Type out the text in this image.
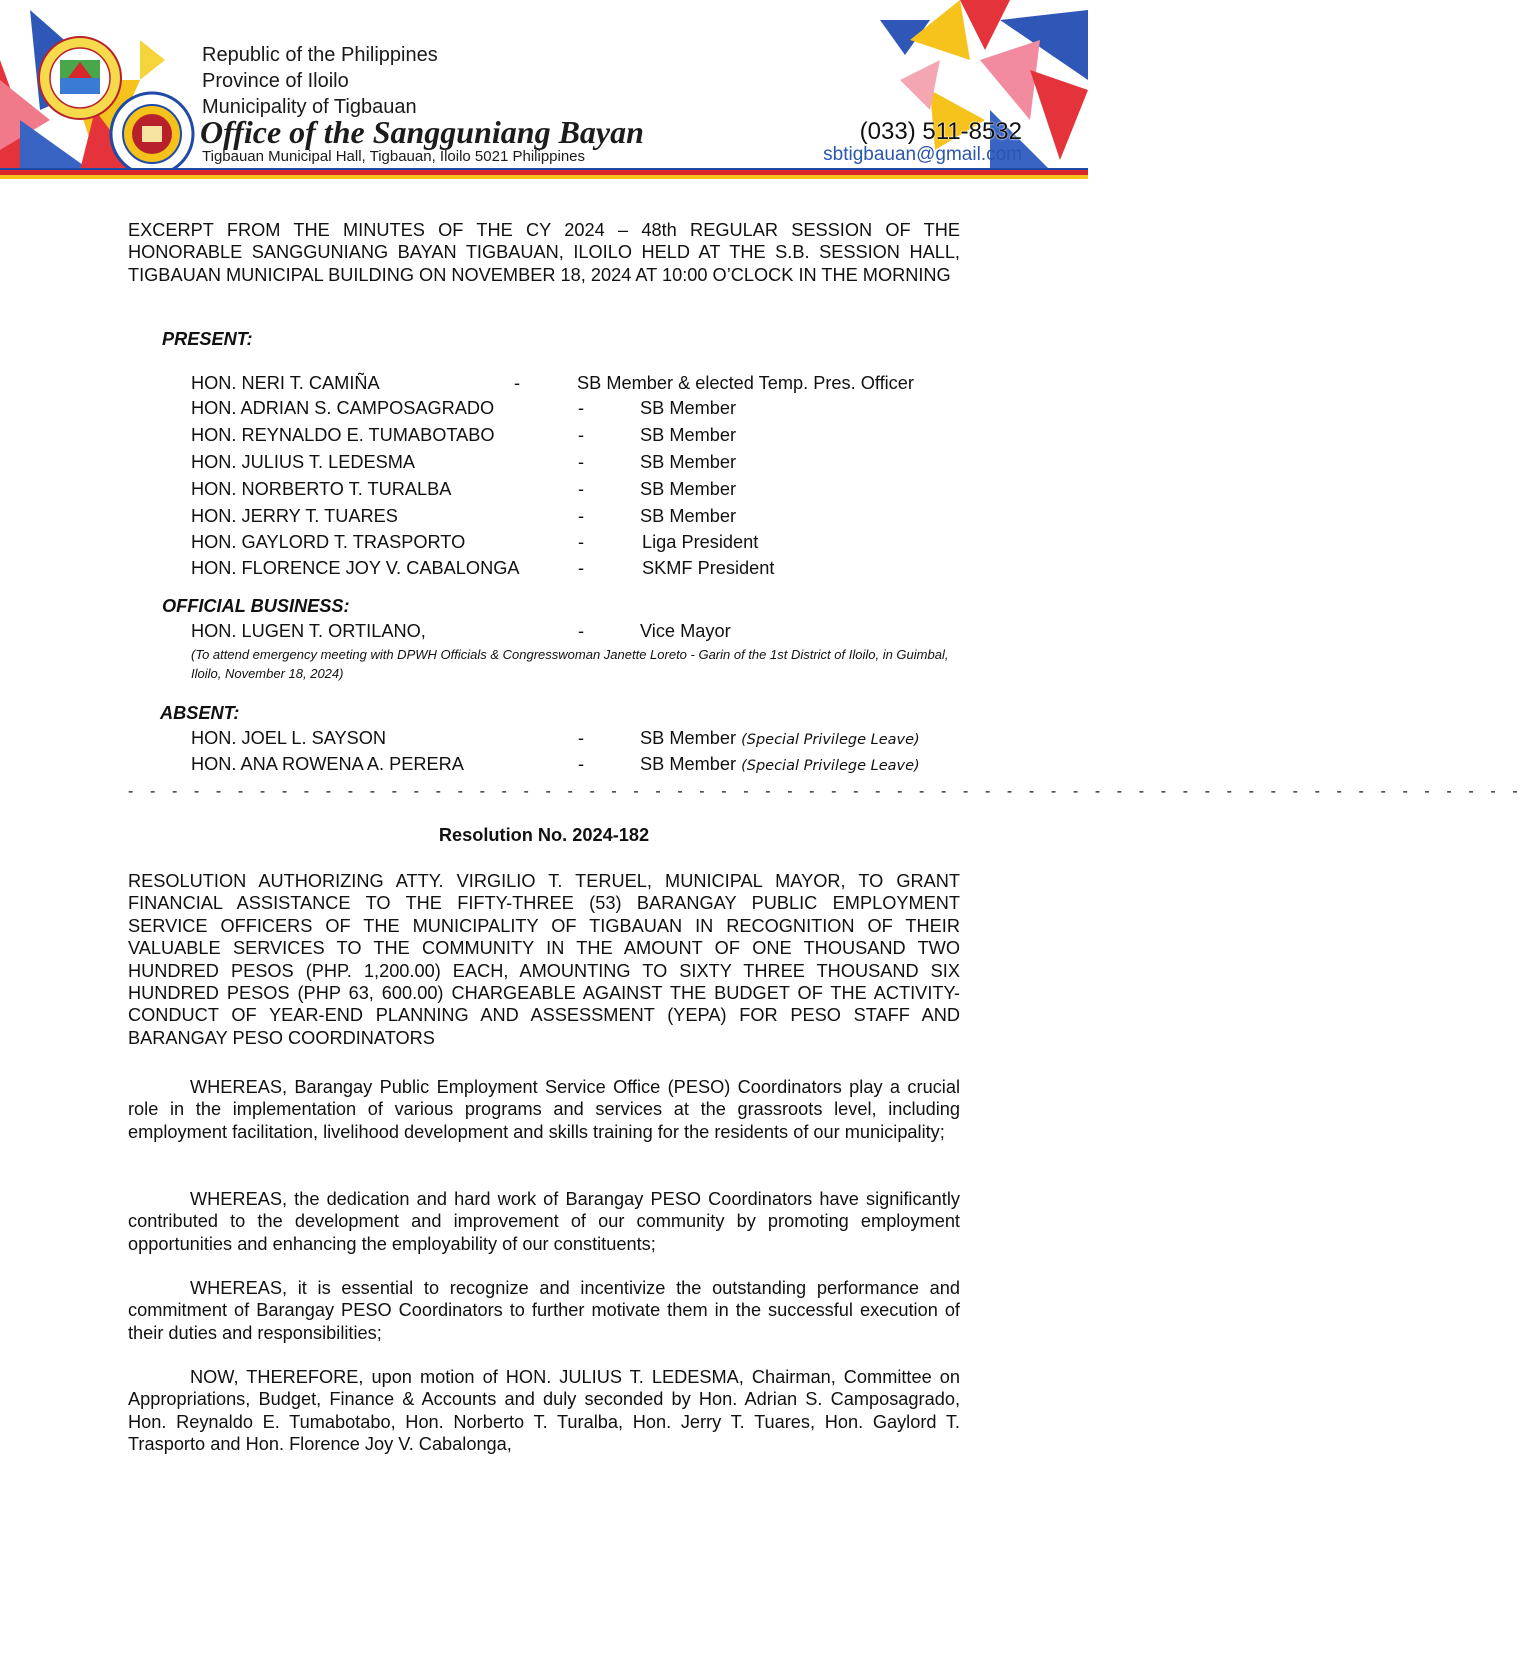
Republic of the Philippines
Province of Iloilo
Municipality of Tigbauan
Office of the Sangguniang Bayan
Tigbauan Municipal Hall, Tigbauan, Iloilo 5021 Philippines
(033) 511-8532
sbtigbauan@gmail.com
EXCERPT FROM THE MINUTES OF THE CY 2024 – 48th REGULAR SESSION OF THE HONORABLE SANGGUNIANG BAYAN TIGBAUAN, ILOILO HELD AT THE S.B. SESSION HALL, TIGBAUAN MUNICIPAL BUILDING ON NOVEMBER 18, 2024 AT 10:00 O’CLOCK IN THE MORNING
PRESENT:
HON. NERI T. CAMIÑA	-	SB Member & elected Temp. Pres. Officer
HON. ADRIAN S. CAMPOSAGRADO	-	SB Member
HON. REYNALDO E. TUMABOTABO	-	SB Member
HON. JULIUS T. LEDESMA	-	SB Member
HON. NORBERTO T. TURALBA	-	SB Member
HON. JERRY T. TUARES	-	SB Member
HON. GAYLORD T. TRASPORTO	-	Liga President
HON. FLORENCE JOY V. CABALONGA	-	SKMF President
OFFICIAL BUSINESS:
HON. LUGEN T. ORTILANO,	-	Vice Mayor
(To attend emergency meeting with DPWH Officials & Congresswoman Janette Loreto - Garin of the 1st District of Iloilo, in Guimbal, Iloilo, November 18, 2024)
ABSENT:
HON. JOEL L. SAYSON	-	SB Member (Special Privilege Leave)
HON. ANA ROWENA A. PERERA	-	SB Member (Special Privilege Leave)
- - - - - - - - - - - - - - - - - - - - - - - - - - - - - - - - - - - - - - - - - - - - - - - - - - - - - - - - - - - - - - - -
Resolution No. 2024-182
RESOLUTION AUTHORIZING ATTY. VIRGILIO T. TERUEL, MUNICIPAL MAYOR, TO GRANT FINANCIAL ASSISTANCE TO THE FIFTY-THREE (53) BARANGAY PUBLIC EMPLOYMENT SERVICE OFFICERS OF THE MUNICIPALITY OF TIGBAUAN IN RECOGNITION OF THEIR VALUABLE SERVICES TO THE COMMUNITY IN THE AMOUNT OF ONE THOUSAND TWO HUNDRED PESOS (PHP. 1,200.00) EACH, AMOUNTING TO SIXTY THREE THOUSAND SIX HUNDRED PESOS (PHP 63, 600.00) CHARGEABLE AGAINST THE BUDGET OF THE ACTIVITY-CONDUCT OF YEAR-END PLANNING AND ASSESSMENT (YEPA) FOR PESO STAFF AND BARANGAY PESO COORDINATORS
WHEREAS, Barangay Public Employment Service Office (PESO) Coordinators play a crucial role in the implementation of various programs and services at the grassroots level, including employment facilitation, livelihood development and skills training for the residents of our municipality;
WHEREAS, the dedication and hard work of Barangay PESO Coordinators have significantly contributed to the development and improvement of our community by promoting employment opportunities and enhancing the employability of our constituents;
WHEREAS, it is essential to recognize and incentivize the outstanding performance and commitment of Barangay PESO Coordinators to further motivate them in the successful execution of their duties and responsibilities;
NOW, THEREFORE, upon motion of HON. JULIUS T. LEDESMA, Chairman, Committee on Appropriations, Budget, Finance & Accounts and duly seconded by Hon. Adrian S. Camposagrado, Hon. Reynaldo E. Tumabotabo, Hon. Norberto T. Turalba, Hon. Jerry T. Tuares, Hon. Gaylord T. Trasporto and Hon. Florence Joy V. Cabalonga,
